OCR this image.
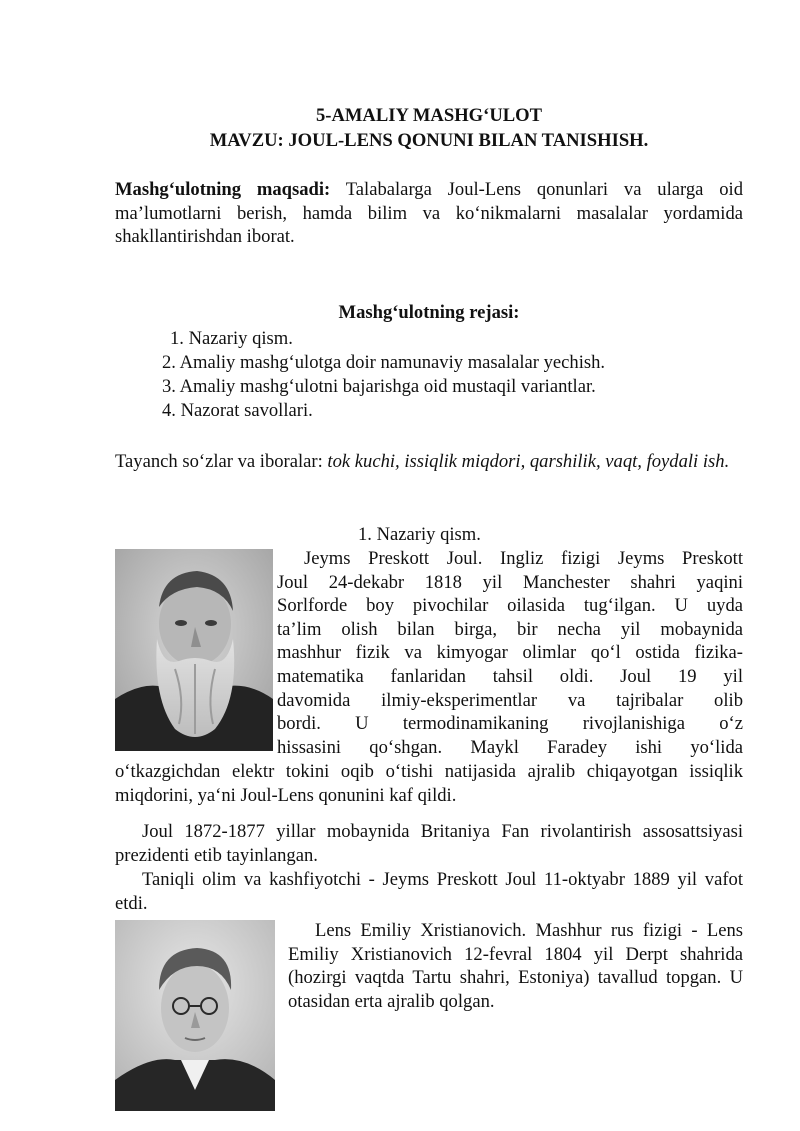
5-AMALIY MASHG‘ULOT
MAVZU: JOUL-LENS QONUNI BILAN TANISHISH.

Mashg‘ulotning maqsadi: Talabalarga Joul-Lens qonunlari va ularga oid ma’lumotlarni berish, hamda bilim va ko‘nikmalarni masalalar yordamida shakllantirishdan iborat.

Mashg‘ulotning rejasi:
1. Nazariy qism.
2. Amaliy mashg‘ulotga doir namunaviy masalalar yechish.
3. Amaliy mashg‘ulotni bajarishga oid mustaqil variantlar.
4. Nazorat savollari.

Tayanch so‘zlar va iboralar: tok kuchi, issiqlik miqdori, qarshilik, vaqt, foydali ish.

1. Nazariy qism.
Jeyms Preskott Joul. Ingliz fizigi Jeyms Preskott
Joul 24-dekabr 1818 yil Manchester shahri yaqini
Sorlforde boy pivochilar oilasida tug‘ilgan. U uyda
ta’lim olish bilan birga, bir necha yil mobaynida
mashhur fizik va kimyogar olimlar qo‘l ostida fizika-
matematika fanlaridan tahsil oldi. Joul 19 yil
davomida ilmiy-eksperimentlar va tajribalar olib
bordi. U termodinamikaning rivojlanishiga o‘z
hissasini qo‘shgan. Maykl Faradey ishi yo‘lida

o‘tkazgichdan elektr tokini oqib o‘tishi natijasida ajralib chiqayotgan issiqlik miqdorini, ya‘ni Joul-Lens qonunini kaf qildi.

Joul 1872-1877 yillar mobaynida Britaniya Fan rivolantirish assosattsiyasi prezidenti etib tayinlangan.

Taniqli olim va kashfiyotchi - Jeyms Preskott Joul 11-oktyabr 1889 yil vafot etdi.

Lens Emiliy Xristianovich. Mashhur rus fizigi - Lens Emiliy Xristianovich 12-fevral 1804 yil Derpt shahrida (hozirgi vaqtda Tartu shahri, Estoniya) tavallud topgan. U otasidan erta ajralib qolgan.
